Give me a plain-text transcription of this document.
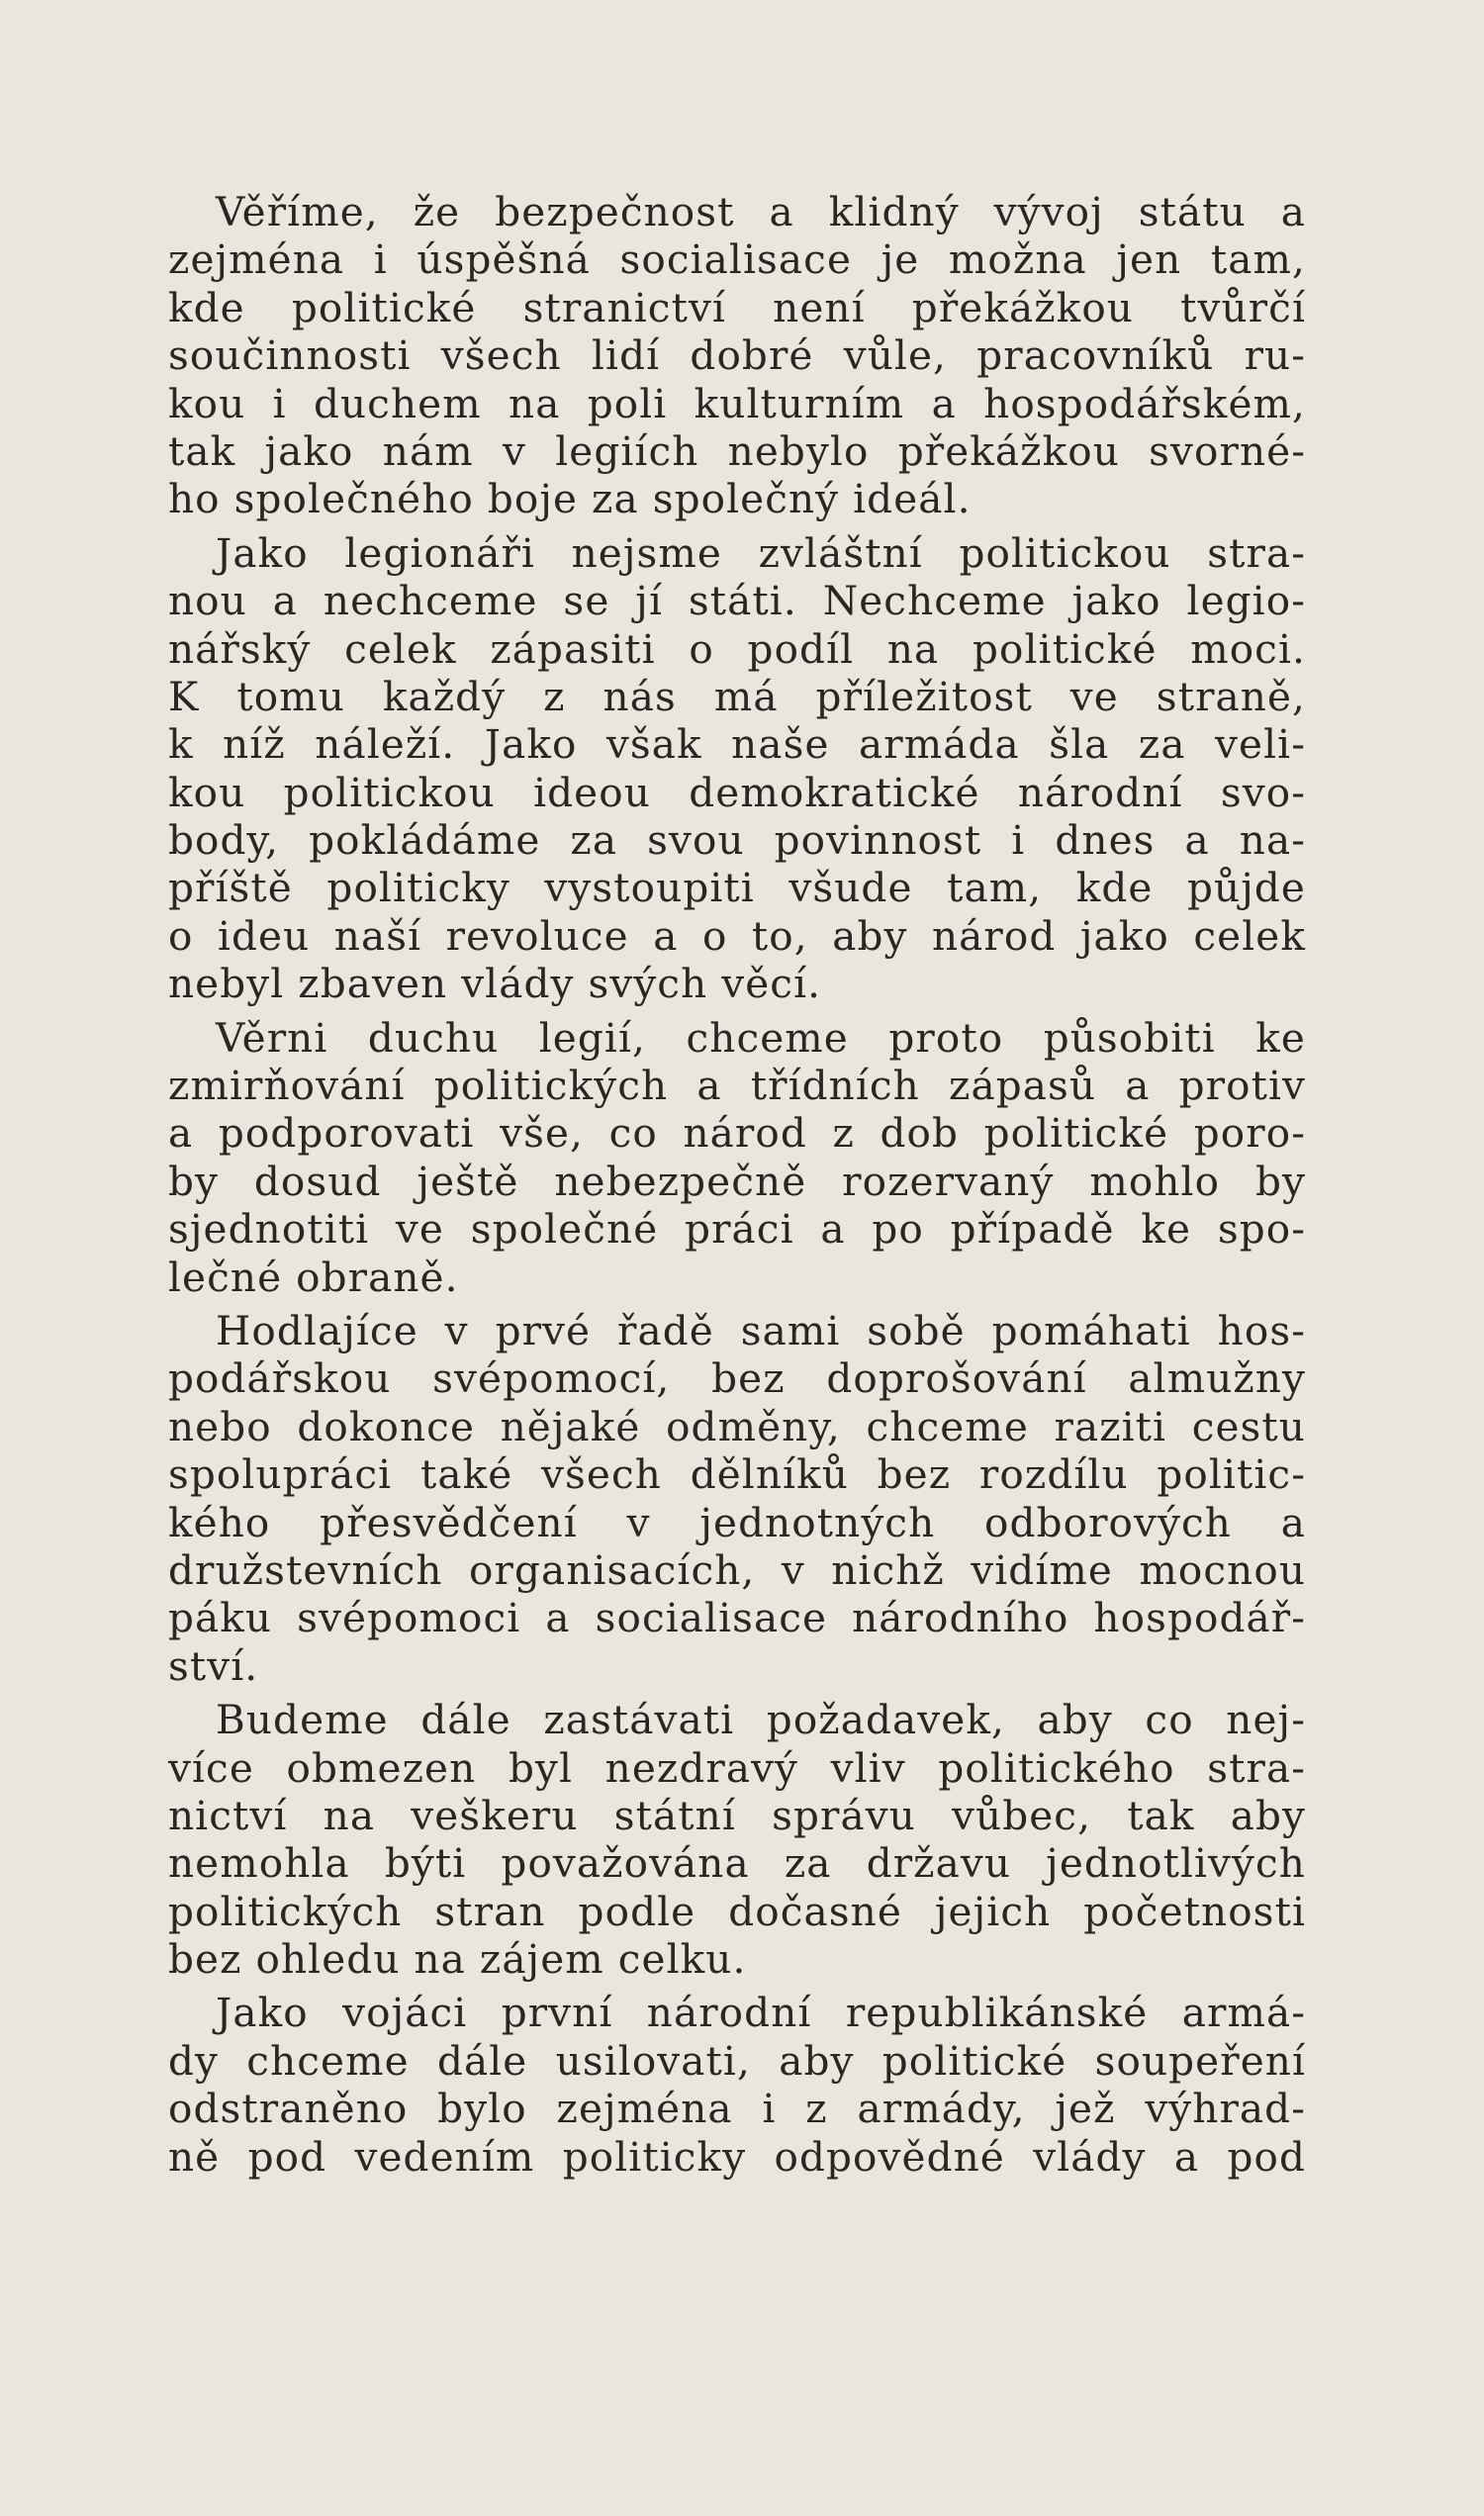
Věříme, že bezpečnost a klidný vývoj státu a
zejména i úspěšná socialisace je možna jen tam,
kde politické stranictví není překážkou tvůrčí
součinnosti všech lidí dobré vůle, pracovníků ru-
kou i duchem na poli kulturním a hospodářském,
tak jako nám v legiích nebylo překážkou svorné-
ho společného boje za společný ideál.
Jako legionáři nejsme zvláštní politickou stra-
nou a nechceme se jí státi. Nechceme jako legio-
nářský celek zápasiti o podíl na politické moci.
K tomu každý z nás má příležitost ve straně,
k níž náleží. Jako však naše armáda šla za veli-
kou politickou ideou demokratické národní svo-
body, pokládáme za svou povinnost i dnes a na-
příště politicky vystoupiti všude tam, kde půjde
o ideu naší revoluce a o to, aby národ jako celek
nebyl zbaven vlády svých věcí.
Věrni duchu legií, chceme proto působiti ke
zmirňování politických a třídních zápasů a protiv
a podporovati vše, co národ z dob politické poro-
by dosud ještě nebezpečně rozervaný mohlo by
sjednotiti ve společné práci a po případě ke spo-
lečné obraně.
Hodlajíce v prvé řadě sami sobě pomáhati hos-
podářskou svépomocí, bez doprošování almužny
nebo dokonce nějaké odměny, chceme raziti cestu
spolupráci také všech dělníků bez rozdílu politic-
kého přesvědčení v jednotných odborových a
družstevních organisacích, v nichž vidíme mocnou
páku svépomoci a socialisace národního hospodář-
ství.
Budeme dále zastávati požadavek, aby co nej-
více obmezen byl nezdravý vliv politického stra-
nictví na veškeru státní správu vůbec, tak aby
nemohla býti považována za državu jednotlivých
politických stran podle dočasné jejich početnosti
bez ohledu na zájem celku.
Jako vojáci první národní republikánské armá-
dy chceme dále usilovati, aby politické soupeření
odstraněno bylo zejména i z armády, jež výhrad-
ně pod vedením politicky odpovědné vlády a pod
